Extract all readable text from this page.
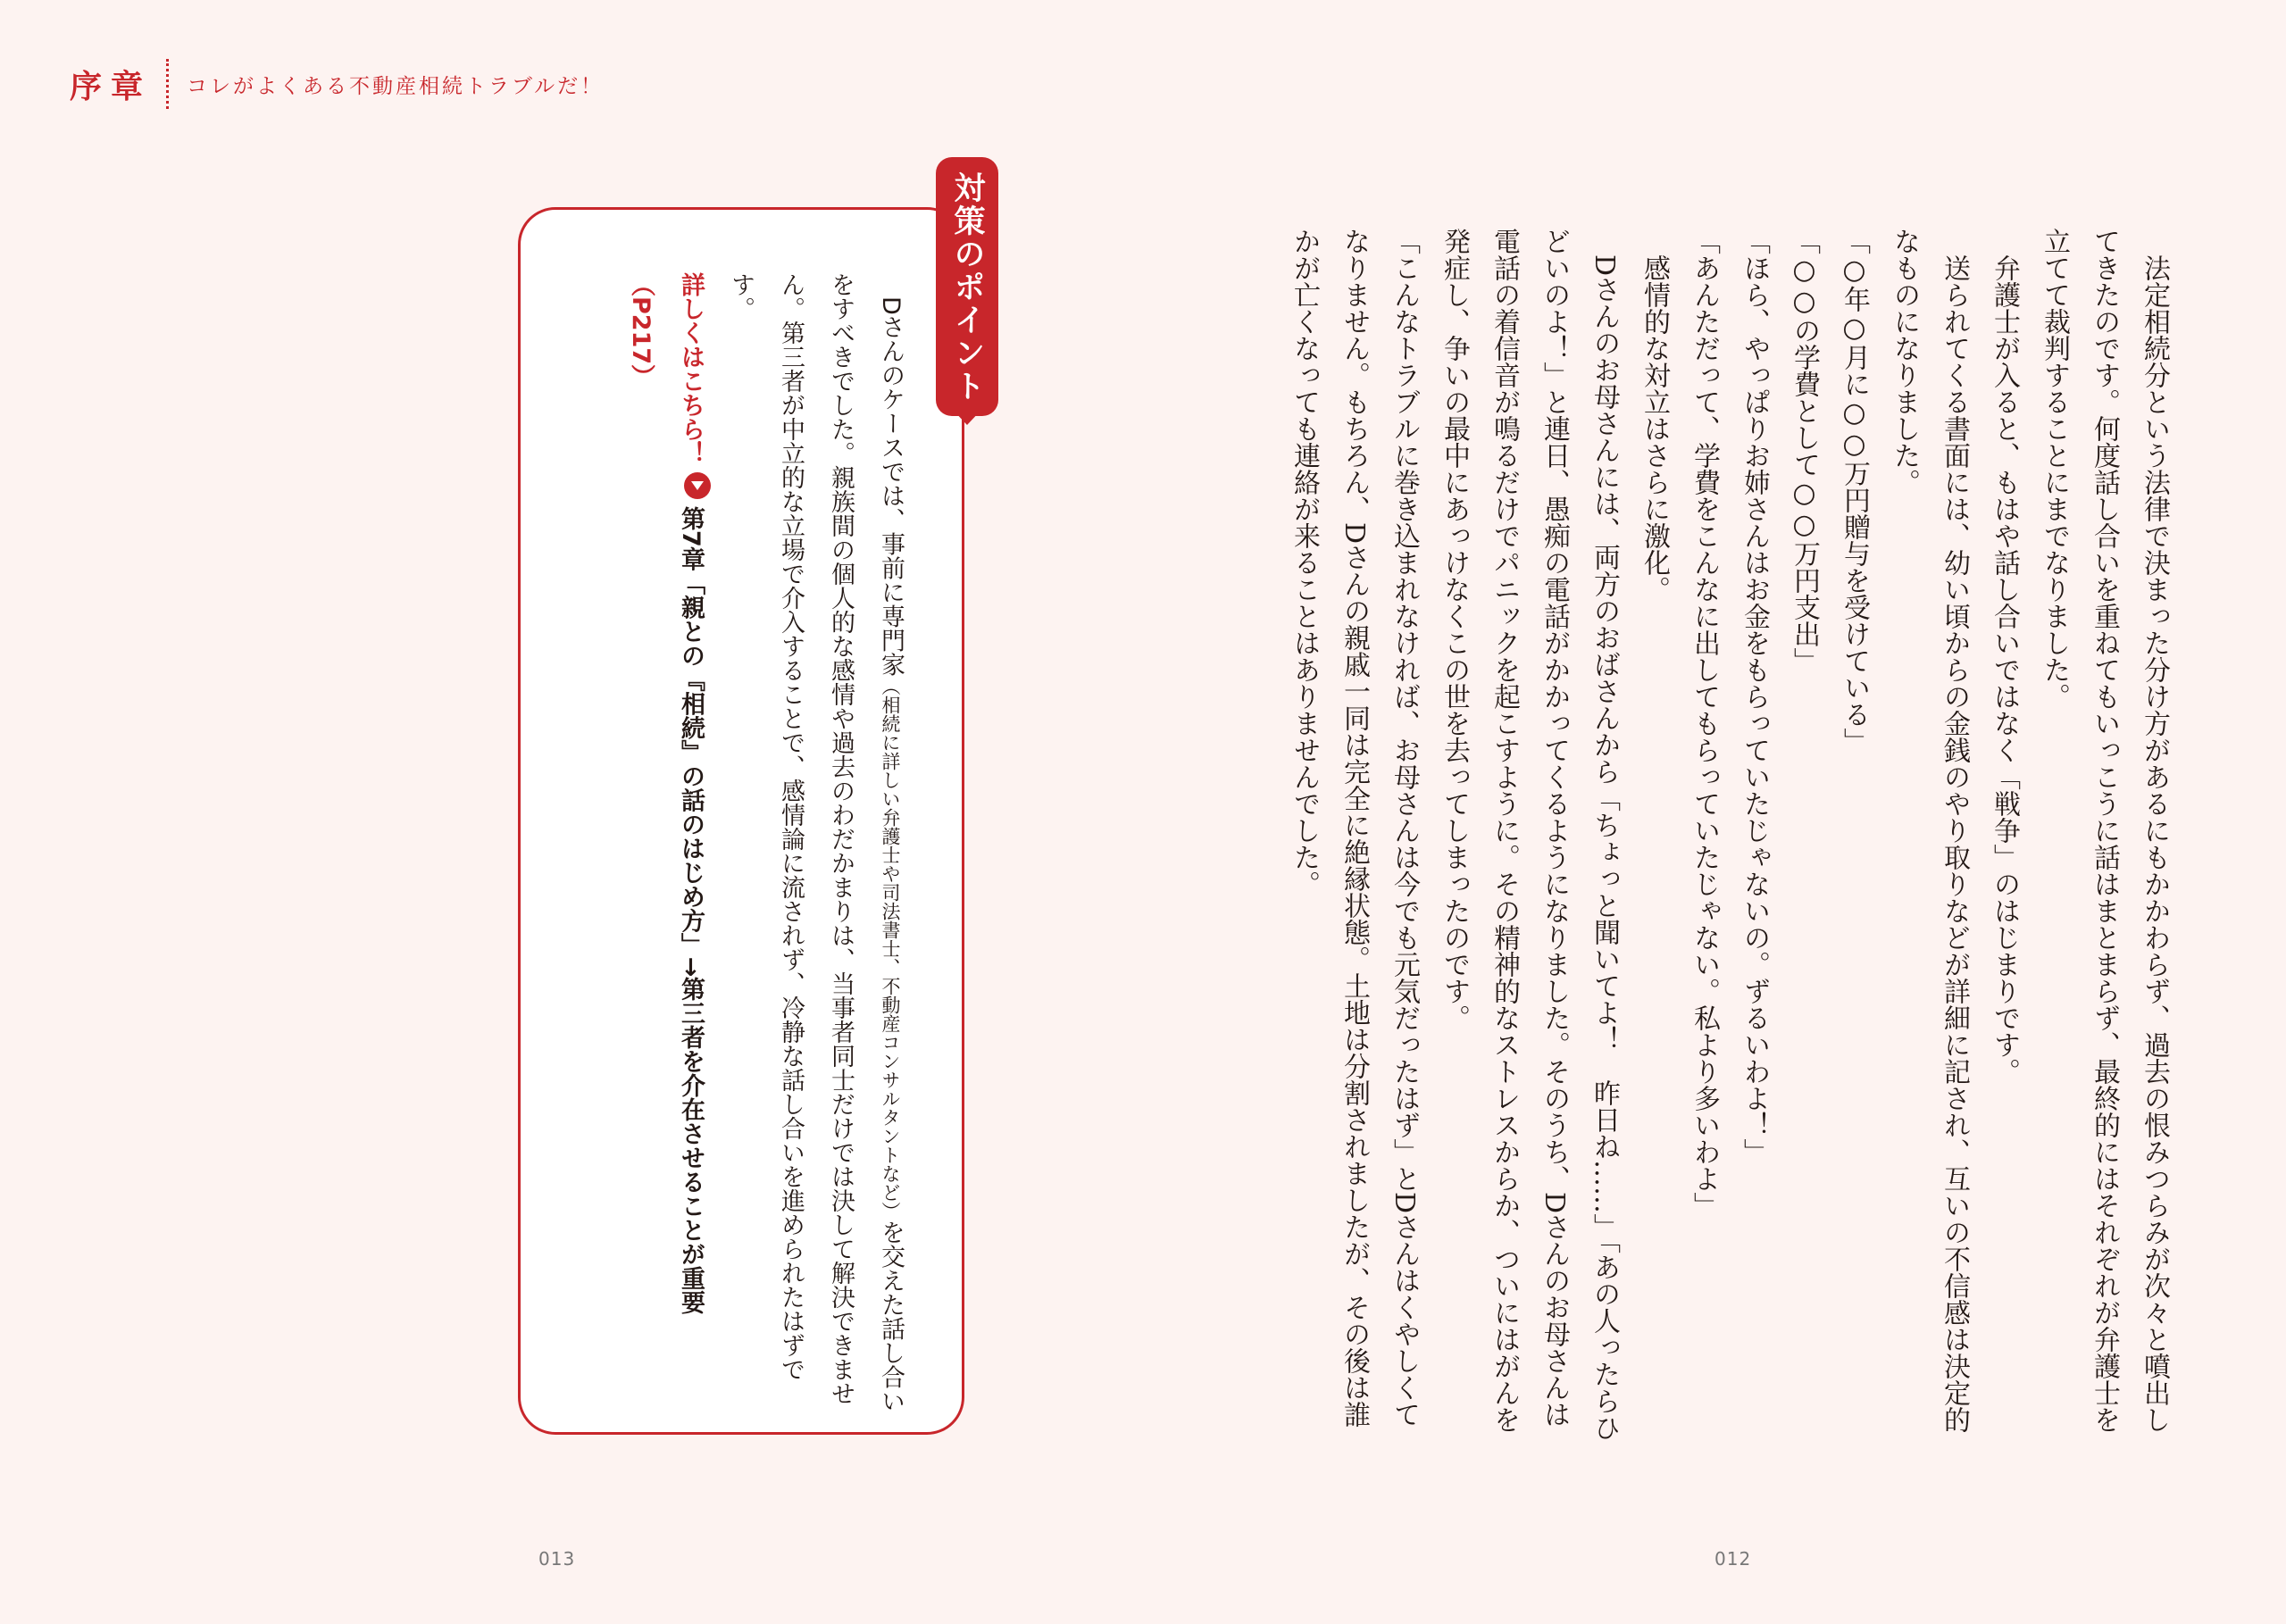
序章 コレがよくある不動産相続トラブルだ！

　法定相続分という法律で決まった分け方があるにもかかわらず、過去の恨みつらみが次々と噴出してきたのです。何度話し合いを重ねてもいっこうに話はまとまらず、最終的にはそれぞれが弁護士を立てて裁判することにまでなりました。

　弁護士が入ると、もはや話し合いではなく「戦争」のはじまりです。

　送られてくる書面には、幼い頃からの金銭のやり取りなどが詳細に記され、互いの不信感は決定的なものになりました。

「○年○月に○○万円贈与を受けている」

「○○の学費として○○万円支出」

「ほら、やっぱりお姉さんはお金をもらっていたじゃないの。ずるいわよ！」

「あんただって、学費をこんなに出してもらっていたじゃない。私より多いわよ」

　感情的な対立はさらに激化。

　Dさんのお母さんには、両方のおばさんから「ちょっと聞いてよ！　昨日ね……」「あの人ったらひどいのよ！」と連日、愚痴の電話がかかってくるようになりました。そのうち、Dさんのお母さんは電話の着信音が鳴るだけでパニックを起こすように。その精神的なストレスからか、ついにはがんを発症し、争いの最中にあっけなくこの世を去ってしまったのです。

「こんなトラブルに巻き込まれなければ、お母さんは今でも元気だったはず」とDさんはくやしくてなりません。もちろん、Dさんの親戚一同は完全に絶縁状態。土地は分割されましたが、その後は誰かが亡くなっても連絡が来ることはありませんでした。

対策のポイント

　Dさんのケースでは、事前に専門家（相続に詳しい弁護士や司法書士、不動産コンサルタントなど）を交えた話し合いをすべきでした。親族間の個人的な感情や過去のわだかまりは、当事者同士だけでは決して解決できません。第三者が中立的な立場で介入することで、感情論に流されず、冷静な話し合いを進められたはずです。

詳しくはこちら！第7章「親との『相続』の話のはじめ方」→第三者を介在させることが重要（P217）

013	012
